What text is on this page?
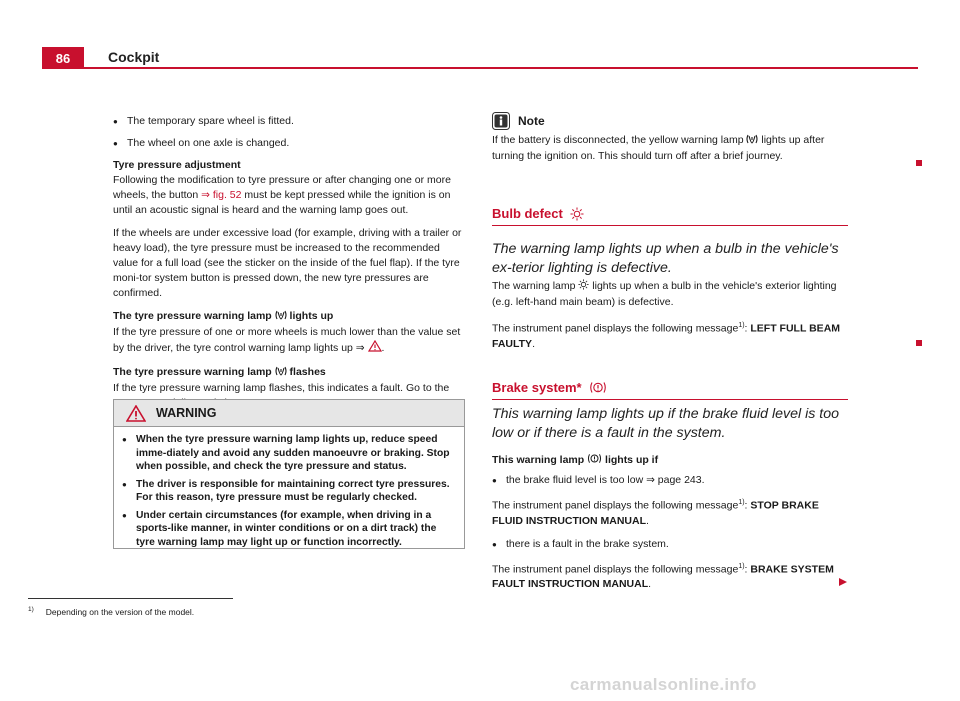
86	Cockpit
● The temporary spare wheel is fitted.
● The wheel on one axle is changed.

Tyre pressure adjustment

Following the modification to tyre pressure or after changing one or more wheels, the button ⇒ fig. 52 must be kept pressed while the ignition is on until an acoustic signal is heard and the warning lamp goes out.

If the wheels are under excessive load (for example, driving with a trailer or heavy load), the tyre pressure must be increased to the recommended value for a full load (see the sticker on the inside of the fuel flap). If the tyre moni-tor system button is pressed down, the new tyre pressures are confirmed.

The tyre pressure warning lamp  lights up

If the tyre pressure of one or more wheels is much lower than the value set by the driver, the tyre control warning lamp lights up ⇒ .

The tyre pressure warning lamp  flashes

If the tyre pressure warning lamp flashes, this indicates a fault. Go to the

WARNING
● When the tyre pressure warning lamp lights up, reduce speed imme-diately and avoid any sudden manoeuvre or braking. Stop when possible, and check the tyre pressure and status.
● The driver is responsible for maintaining correct tyre pressures. For this reason, tyre pressure must be regularly checked.
● Under certain circumstances (for example, when driving in a sports-like manner, in winter conditions or on a dirt track) the tyre warning lamp may light up or function incorrectly.
Note

If the battery is disconnected, the yellow warning lamp  lights up after turning the ignition on. This should turn off after a brief journey.

Bulb defect
The warning lamp lights up when a bulb in the vehicle's ex-terior lighting is defective.

The warning lamp  lights up when a bulb in the vehicle's exterior lighting (e.g. left-hand main beam) is defective.

The instrument panel displays the following message$^{1)}$: LEFT FULL BEAM FAULTY.

Brake system*
This warning lamp lights up if the brake fluid level is too low or if there is a fault in the system.

This warning lamp  lights up if

● the brake fluid level is too low ⇒ page 243.

The instrument panel displays the following message$^{1)}$: STOP BRAKE FLUID INSTRUCTION MANUAL.

● there is a fault in the brake system.

The instrument panel displays the following message$^{1)}$: BRAKE SYSTEM FAULT INSTRUCTION MANUAL.

$^{1)}$ Depending on the version of the model.
carmanualsonline.info
